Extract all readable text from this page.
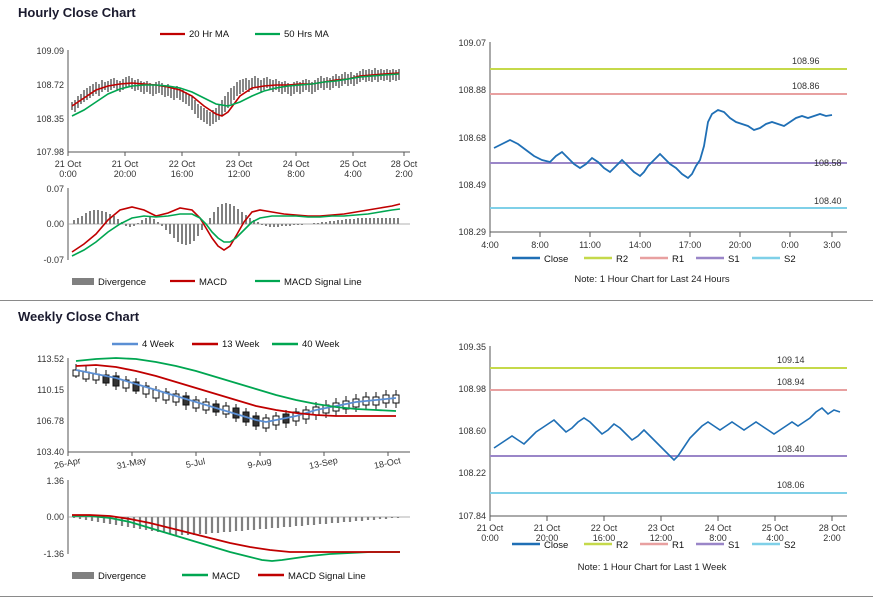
Hourly Close Chart
20 Hr MA	50 Hrs MA
109.09
108.72
108.35
107.98
21 Oct
0:00
21 Oct
20:00
22 Oct
16:00
23 Oct
12:00
24 Oct
8:00
25 Oct
4:00
28 Oct
2:00
0.07
0.00
-0.07
Divergence	MACD	MACD Signal Line
109.07
108.88
108.68
108.49
108.29
108.96
108.86
108.58
108.40
Close	R2	R1	S1	S2
4:00	8:00	11:00	14:00	17:00	20:00	0:00	3:00
Note: 1 Hour Chart for Last 24 Hours
Weekly Close Chart
4 Week	13 Week	40 Week
113.52
110.15
106.78
103.40
26-Apr	31-May	5-Jul	9-Aug	13-Sep	18-Oct
1.36
0.00
-1.36
Divergence	MACD	MACD Signal Line
109.35
108.98
108.60
108.22
107.84
109.14
108.94
108.40
108.06
Close	R2	R1	S1	S2
21 Oct
0:00
21 Oct
20:00
22 Oct
16:00
23 Oct
12:00
24 Oct
8:00
25 Oct
4:00
28 Oct
2:00
Note: 1 Hour Chart for Last 1 Week
